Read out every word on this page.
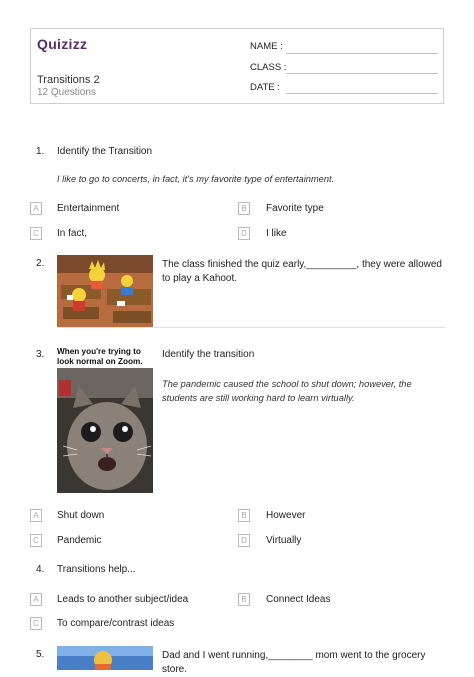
Quizizz
Transitions 2
12 Questions
NAME :
CLASS :
DATE :
1. Identify the Transition
I like to go to concerts, in fact, it's my favorite type of entertainment.
A	Entertainment	B	Favorite type
C	In fact,	D	I like
2.	The class finished the quiz early,_________, they were allowed to play a Kahoot.
3. When you're trying to look normal on Zoom.
Identify the transition
The pandemic caused the school to shut down; however, the students are still working hard to learn virtually.
A	Shut down	B	However
C	Pandemic	D	Virtually
4. Transitions help...
A	Leads to another subject/idea	B	Connect Ideas
C	To compare/contrast ideas
5.	Dad and I went running,________ mom went to the grocery store.
